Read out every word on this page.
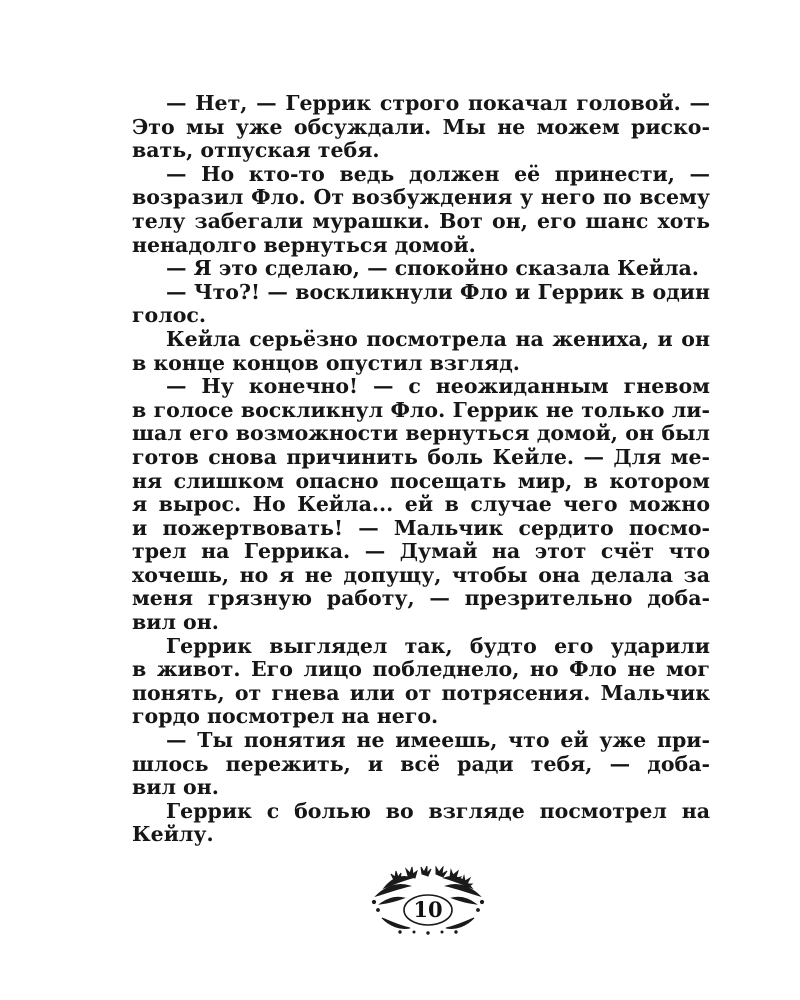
— Нет, — Геррик строго покачал головой. —
Это мы уже обсуждали. Мы не можем риско-
вать, отпуская тебя.
— Но кто-то ведь должен её принести, —
возразил Фло. От возбуждения у него по всему
телу забегали мурашки. Вот он, его шанс хоть
ненадолго вернуться домой.
— Я это сделаю, — спокойно сказала Кейла.
— Что?! — воскликнули Фло и Геррик в один
голос.
Кейла серьёзно посмотрела на жениха, и он
в конце концов опустил взгляд.
— Ну конечно! — с неожиданным гневом
в голосе воскликнул Фло. Геррик не только ли-
шал его возможности вернуться домой, он был
готов снова причинить боль Кейле. — Для ме-
ня слишком опасно посещать мир, в котором
я вырос. Но Кейла... ей в случае чего можно
и пожертвовать! — Мальчик сердито посмо-
трел на Геррика. — Думай на этот счёт что
хочешь, но я не допущу, чтобы она делала за
меня грязную работу, — презрительно доба-
вил он.
Геррик выглядел так, будто его ударили
в живот. Его лицо побледнело, но Фло не мог
понять, от гнева или от потрясения. Мальчик
гордо посмотрел на него.
— Ты понятия не имеешь, что ей уже при-
шлось пережить, и всё ради тебя, — доба-
вил он.
Геррик с болью во взгляде посмотрел на
Кейлу.
10
